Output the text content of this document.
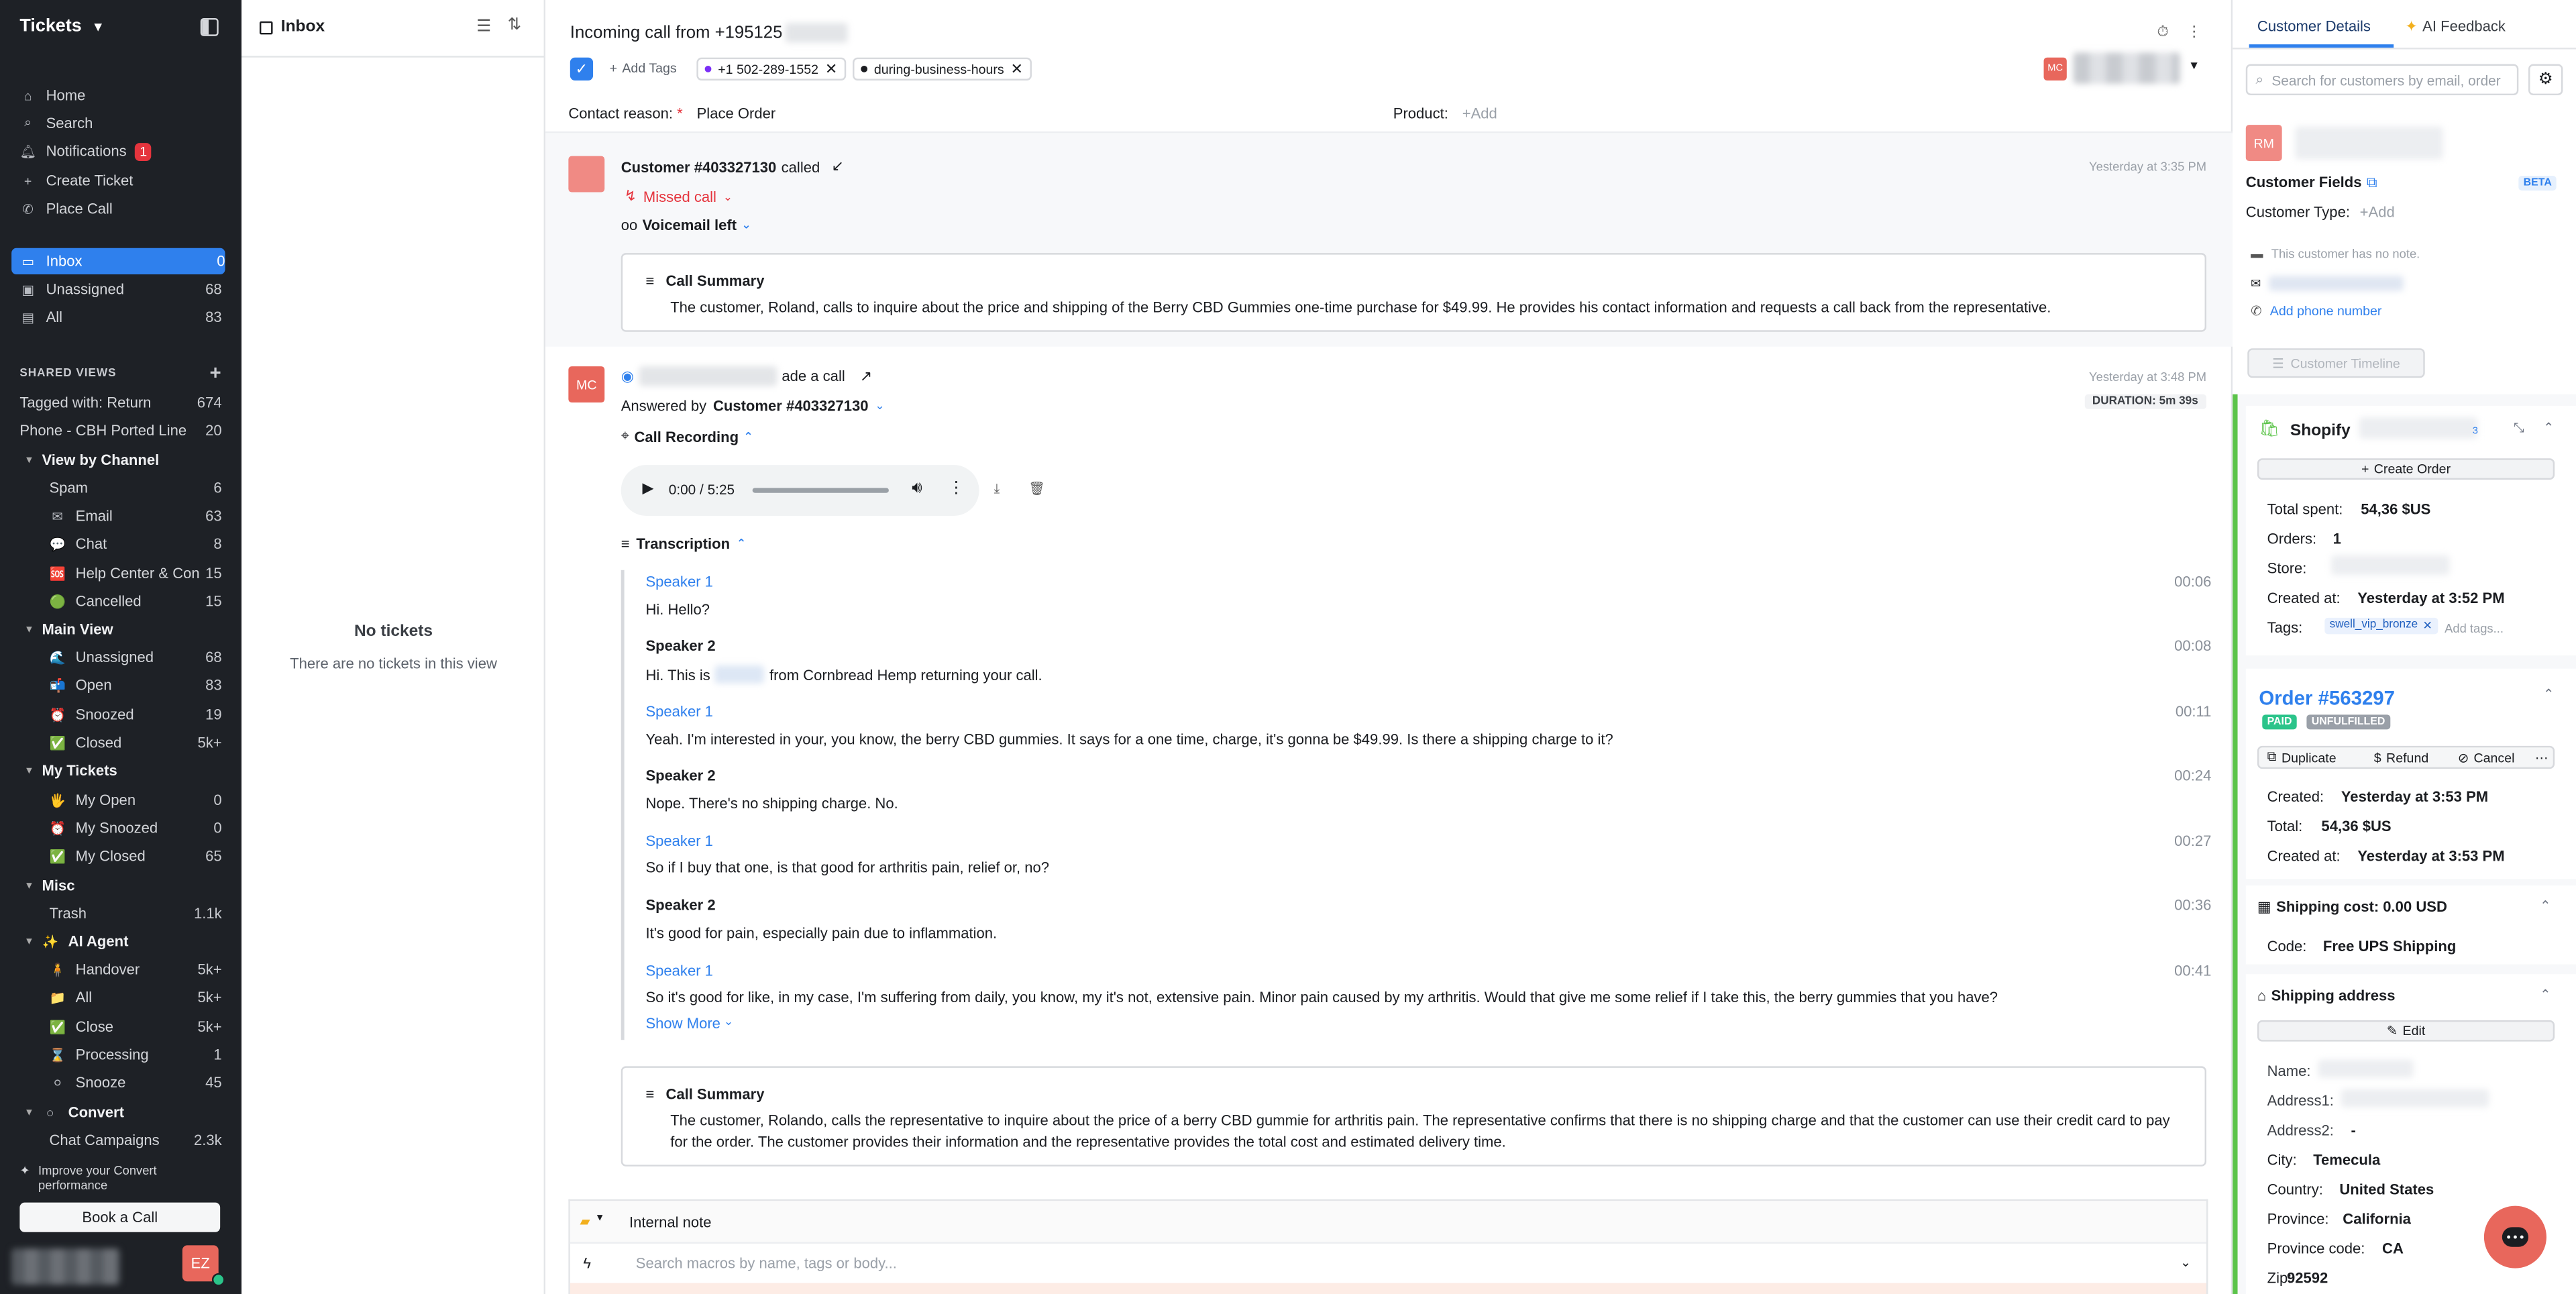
Tickets ▼
⌂	Home
⌕	Search
🔔︎ Notifications	1
+	Create Ticket
✆	Place Call
▭	Inbox	0
▣	Unassigned	68
▤	All	83
SHARED VIEWS	+
Tagged with: Return	674
Phone - CBH Ported Line	20
▾ View by Channel
Spam	6
✉	Email	63
💬 Chat	8
🆘 Help Center & Con 15
🟢 Cancelled	15
▾ Main View
🌊 Unassigned	68
📬 Open	83
⏰ Snoozed	19
✅ Closed	5k+
▾ My Tickets
🖐 My Open	0
⏰ My Snoozed	0
✅ My Closed	65
▾ Misc
Trash	1.1k
▾ ✨ AI Agent
🧍 Handover	5k+
📁 All	5k+
✅ Close	5k+
⌛ Processing	1
⚪	Snooze	45
▾	○	Convert
Chat Campaigns	2.3k
✦ Improve your Convert performance
Book a Call
EZ
Inbox	☰ ⇅
No tickets
There are no tickets in this view
Incoming call from +195125	⏱	⋮
✓	+ Add Tags	+1 502-289-1552 ✕	during-business-hours ✕	MC	▼
Contact reason: * Place Order	Product: +Add
Customer #403327130 called ↙	Yesterday at 3:35 PM
↯ Missed call ⌄
oo Voicemail left ⌄
≡ Call Summary
The customer, Roland, calls to inquire about the price and shipping of the Berry CBD Gummies one-time purchase for $49.99. He provides his contact information and requests a call back from the representative.
MC
◉	ade a call ↗	Yesterday at 3:48 PM
Answered by Customer #403327130 ⌄	DURATION: 5m 39s
⌖ Call Recording ⌃
▶	0:00 / 5:25	🔊︎	⋮	⤓	🗑︎
≡ Transcription ⌃
Speaker 1	00:06
Hi. Hello?
Speaker 2	00:08
Hi. This is	from Cornbread Hemp returning your call.
Speaker 1	00:11
Yeah. I'm interested in your, you know, the berry CBD gummies. It says for a one time, charge, it's gonna be $49.99. Is there a shipping charge to it?
Speaker 2	00:24
Nope. There's no shipping charge. No.
Speaker 1	00:27
So if I buy that one, is that good for arthritis pain, relief or, no?
Speaker 2	00:36
It's good for pain, especially pain due to inflammation.
Speaker 1	00:41
So it's good for like, in my case, I'm suffering from daily, you know, my it's not, extensive pain. Minor pain caused by my arthritis. Would that give me some relief if I take this, the berry gummies that you have?
Show More ⌄
≡ Call Summary
The customer, Rolando, calls the representative to inquire about the price of a berry CBD gummie for arthritis pain. The representative confirms that there is no shipping charge and that the customer can use their credit card to pay for the order. The customer provides their information and the representative provides the total cost and estimated delivery time.
▰ ▼	Internal note
ϟ	Search macros by name, tags or body...	⌄
Customer Details	✦ AI Feedback
⌕ Search for customers by email, order	⚙
RM
Customer Fields ⧉	BETA
Customer Type: +Add
▬ This customer has no note.
✉
✆ Add phone number
☰ Customer Timeline
🛍︎ Shopify	3	⤡	⌃
+ Create Order
Total spent:	54,36 $US
Orders:	1
Store:
Created at:	Yesterday at 3:52 PM
Tags:	swell_vip_bronze ✕ Add tags...
Order #563297	⌃
PAID	UNFULFILLED
⧉ Duplicate	$ Refund	⊘ Cancel	⋯
Created:	Yesterday at 3:53 PM
Total:	54,36 $US
Created at:	Yesterday at 3:53 PM
▦ Shipping cost: 0.00 USD	⌃
Code:	Free UPS Shipping
⌂ Shipping address	⌃
✎ Edit
Name:
Address1:
Address2:	-
City:	Temecula
Country:	United States
Province: California
Province code:	CA
Zip:
92592
